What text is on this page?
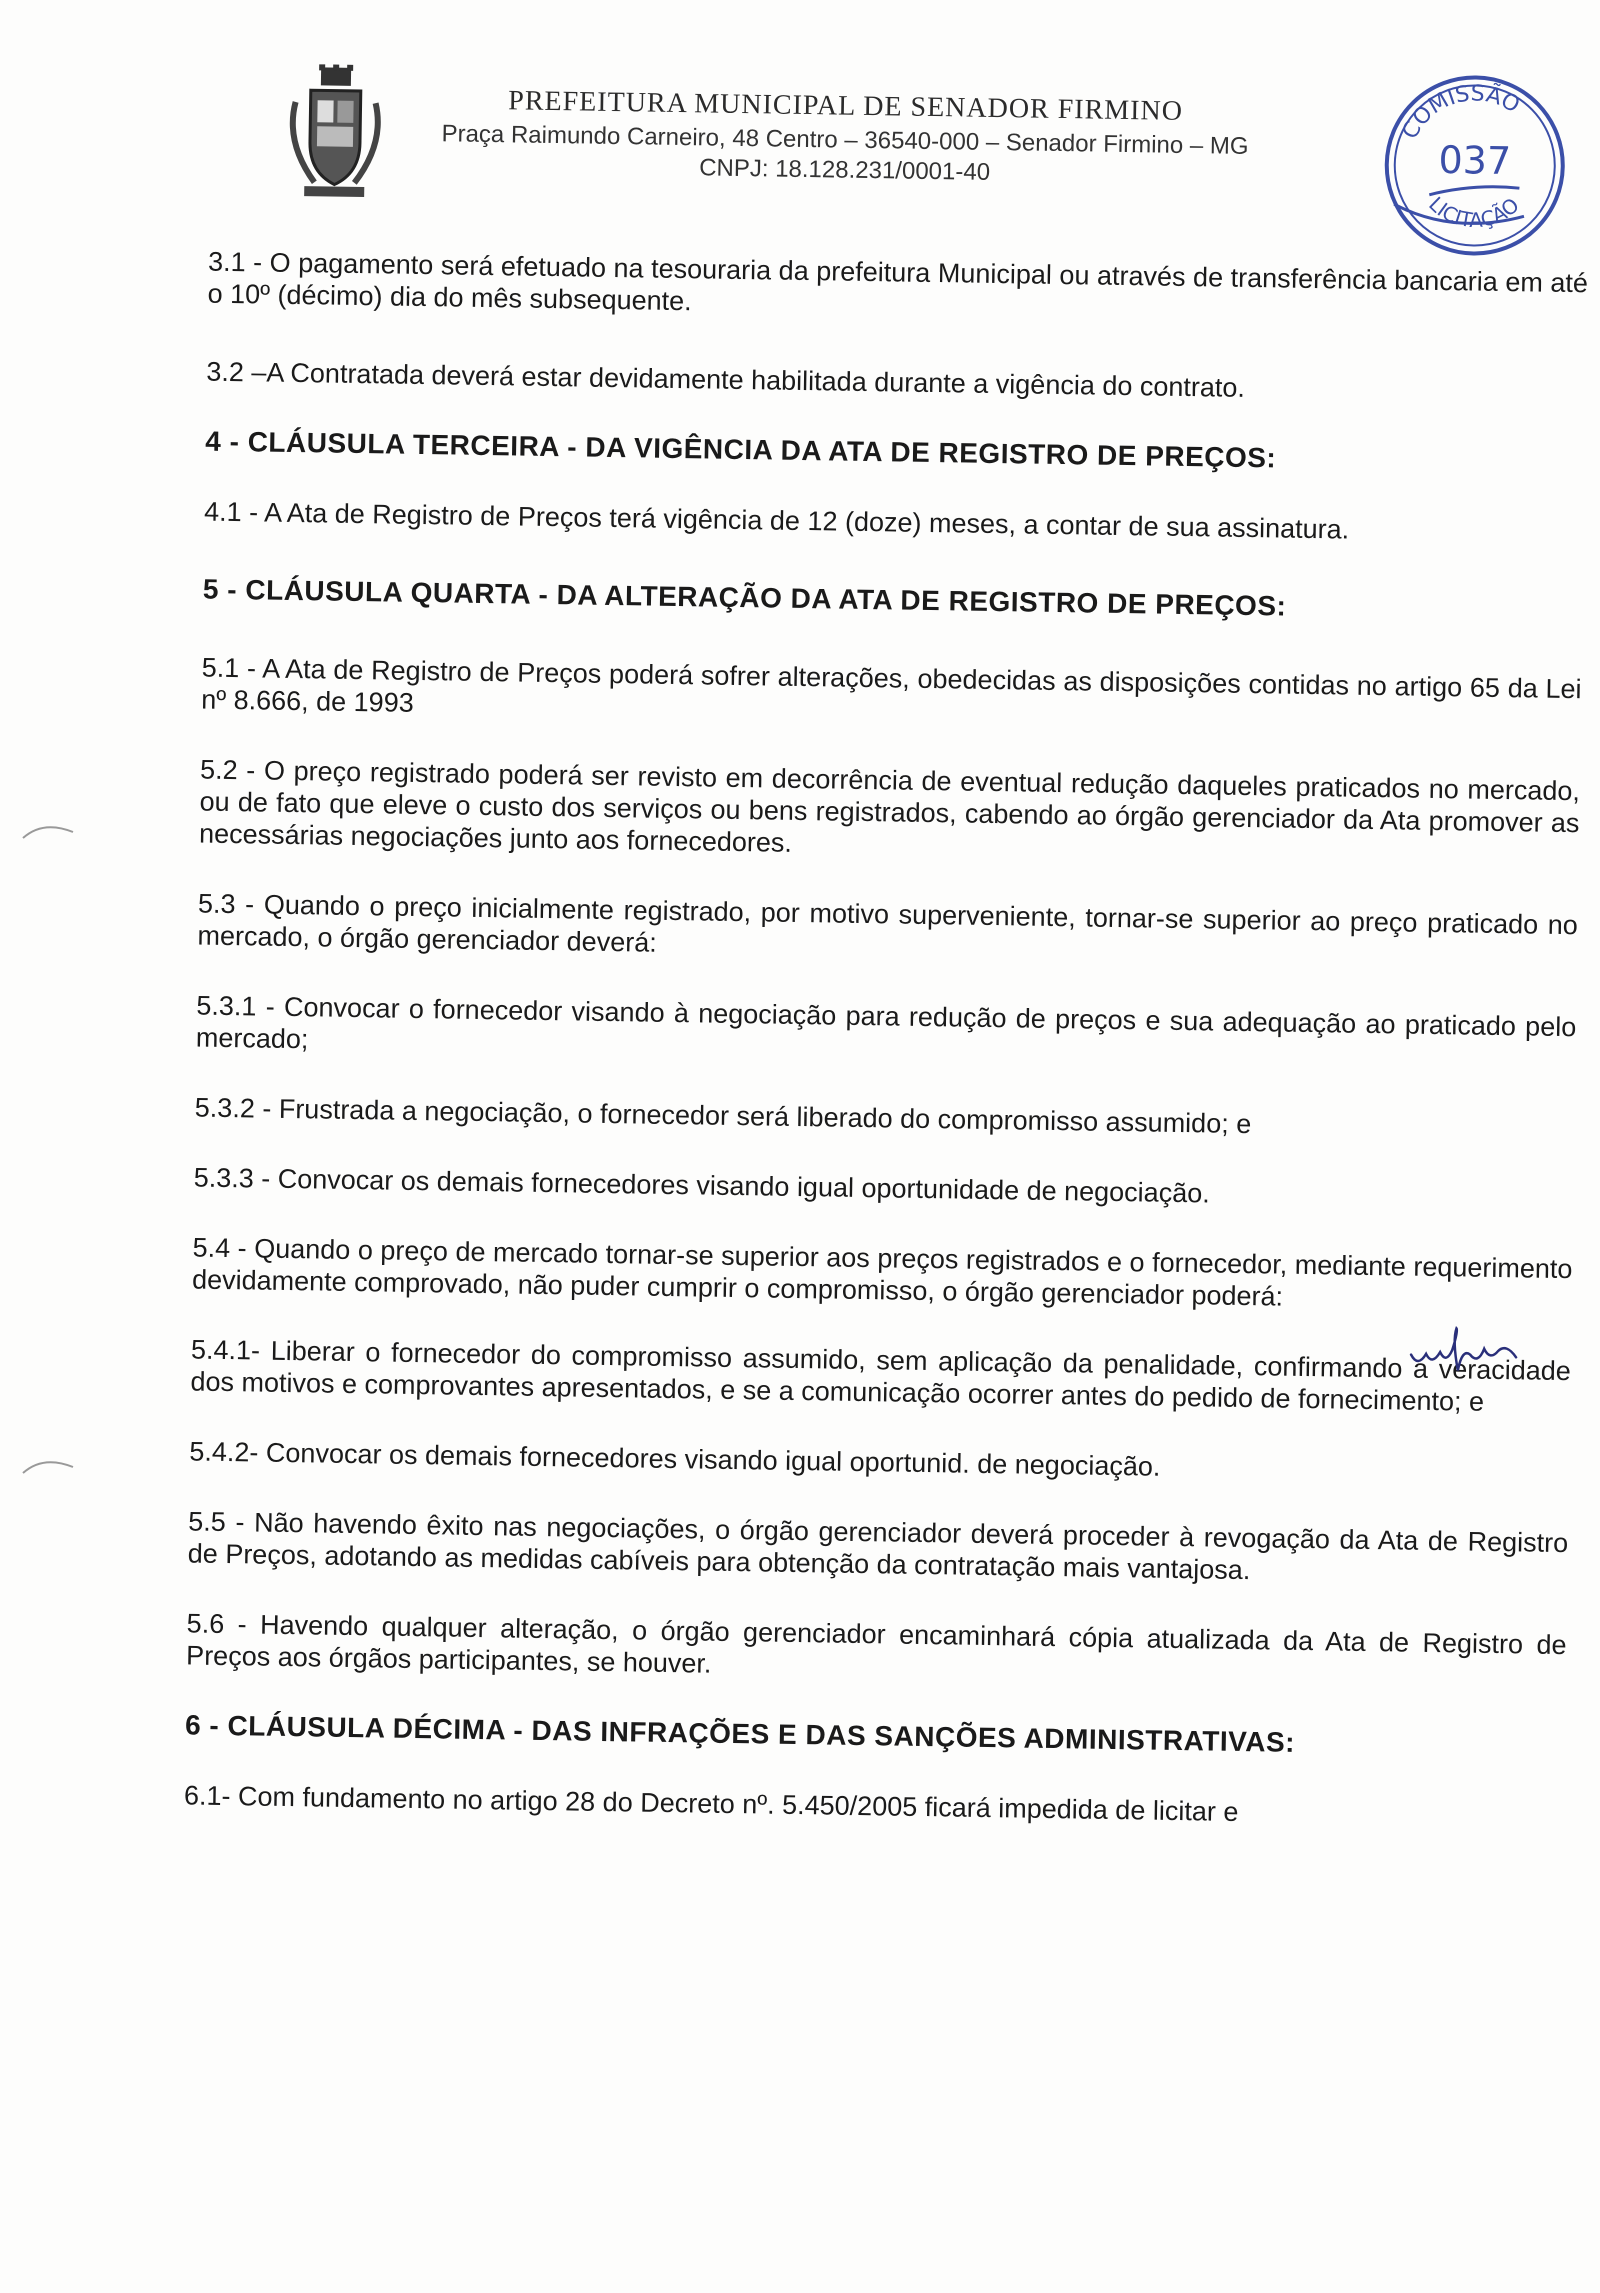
PREFEITURA MUNICIPAL DE SENADOR FIRMINO
Praça Raimundo Carneiro, 48 Centro – 36540-000 – Senador Firmino – MG
CNPJ: 18.128.231/0001-40
COMISSÃO
LICITAÇÃO
037

3.1 - O pagamento será efetuado na tesouraria da prefeitura Municipal ou através de transferência bancaria em até o 10º (décimo) dia do mês subsequente.

3.2 –A Contratada deverá estar devidamente habilitada durante a vigência do contrato.

4 - CLÁUSULA TERCEIRA - DA VIGÊNCIA DA ATA DE REGISTRO DE PREÇOS:

4.1 - A Ata de Registro de Preços terá vigência de 12 (doze) meses, a contar de sua assinatura.

5 - CLÁUSULA QUARTA - DA ALTERAÇÃO DA ATA DE REGISTRO DE PREÇOS:

5.1 - A Ata de Registro de Preços poderá sofrer alterações, obedecidas as disposições contidas no artigo 65 da Lei nº 8.666, de 1993

5.2 - O preço registrado poderá ser revisto em decorrência de eventual redução daqueles praticados no mercado, ou de fato que eleve o custo dos serviços ou bens registrados, cabendo ao órgão gerenciador da Ata promover as necessárias negociações junto aos fornecedores.

5.3 - Quando o preço inicialmente registrado, por motivo superveniente, tornar-se superior ao preço praticado no mercado, o órgão gerenciador deverá:

5.3.1 - Convocar o fornecedor visando à negociação para redução de preços e sua adequação ao praticado pelo mercado;

5.3.2 - Frustrada a negociação, o fornecedor será liberado do compromisso assumido; e

5.3.3 - Convocar os demais fornecedores visando igual oportunidade de negociação.

5.4 - Quando o preço de mercado tornar-se superior aos preços registrados e o fornecedor, mediante requerimento devidamente comprovado, não puder cumprir o compromisso, o órgão gerenciador poderá:

5.4.1- Liberar o fornecedor do compromisso assumido, sem aplicação da penalidade, confirmando a veracidade dos motivos e comprovantes apresentados, e se a comunicação ocorrer antes do pedido de fornecimento; e

5.4.2- Convocar os demais fornecedores visando igual oportunid. de negociação.

5.5 - Não havendo êxito nas negociações, o órgão gerenciador deverá proceder à revogação da Ata de Registro de Preços, adotando as medidas cabíveis para obtenção da contratação mais vantajosa.

5.6 - Havendo qualquer alteração, o órgão gerenciador encaminhará cópia atualizada da Ata de Registro de Preços aos órgãos participantes, se houver.

6 - CLÁUSULA DÉCIMA - DAS INFRAÇÕES E DAS SANÇÕES ADMINISTRATIVAS:

6.1- Com fundamento no artigo 28 do Decreto nº. 5.450/2005 ficará impedida de licitar e
